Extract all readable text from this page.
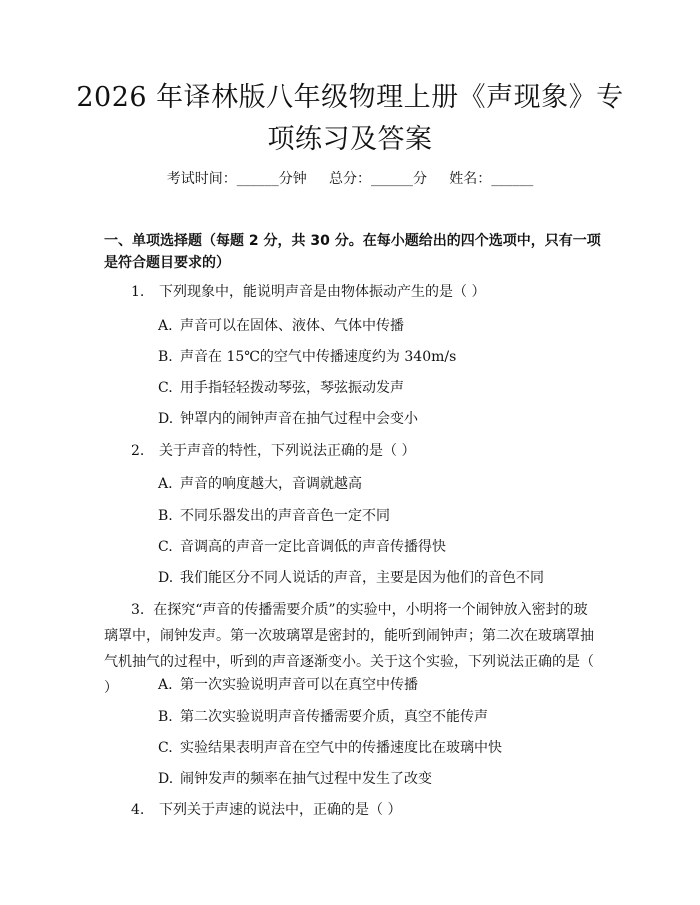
2026 年译林版八年级物理上册《声现象》专
项练习及答案
考试时间：______分钟     总分：______分     姓名：______
一、单项选择题（每题 2 分，共 30 分。在每小题给出的四个选项中，只有一项是符合题目要求的）
1. 下列现象中，能说明声音是由物体振动产生的是（ ）
A. 声音可以在固体、液体、气体中传播
B. 声音在 15℃的空气中传播速度约为 340m/s
C. 用手指轻轻拨动琴弦，琴弦振动发声
D. 钟罩内的闹钟声音在抽气过程中会变小
2. 关于声音的特性，下列说法正确的是（ ）
A. 声音的响度越大，音调就越高
B. 不同乐器发出的声音音色一定不同
C. 音调高的声音一定比音调低的声音传播得快
D. 我们能区分不同人说话的声音，主要是因为他们的音色不同
3. 在探究“声音的传播需要介质”的实验中，小明将一个闹钟放入密封的玻璃罩中，闹钟发声。第一次玻璃罩是密封的，能听到闹钟声；第二次在玻璃罩抽气机抽气的过程中，听到的声音逐渐变小。关于这个实验，下列说法正确的是（ ）	A. 第一次实验说明声音可以在真空中传播
B. 第二次实验说明声音传播需要介质，真空不能传声
C. 实验结果表明声音在空气中的传播速度比在玻璃中快
D. 闹钟发声的频率在抽气过程中发生了改变
4. 下列关于声速的说法中，正确的是（ ）
